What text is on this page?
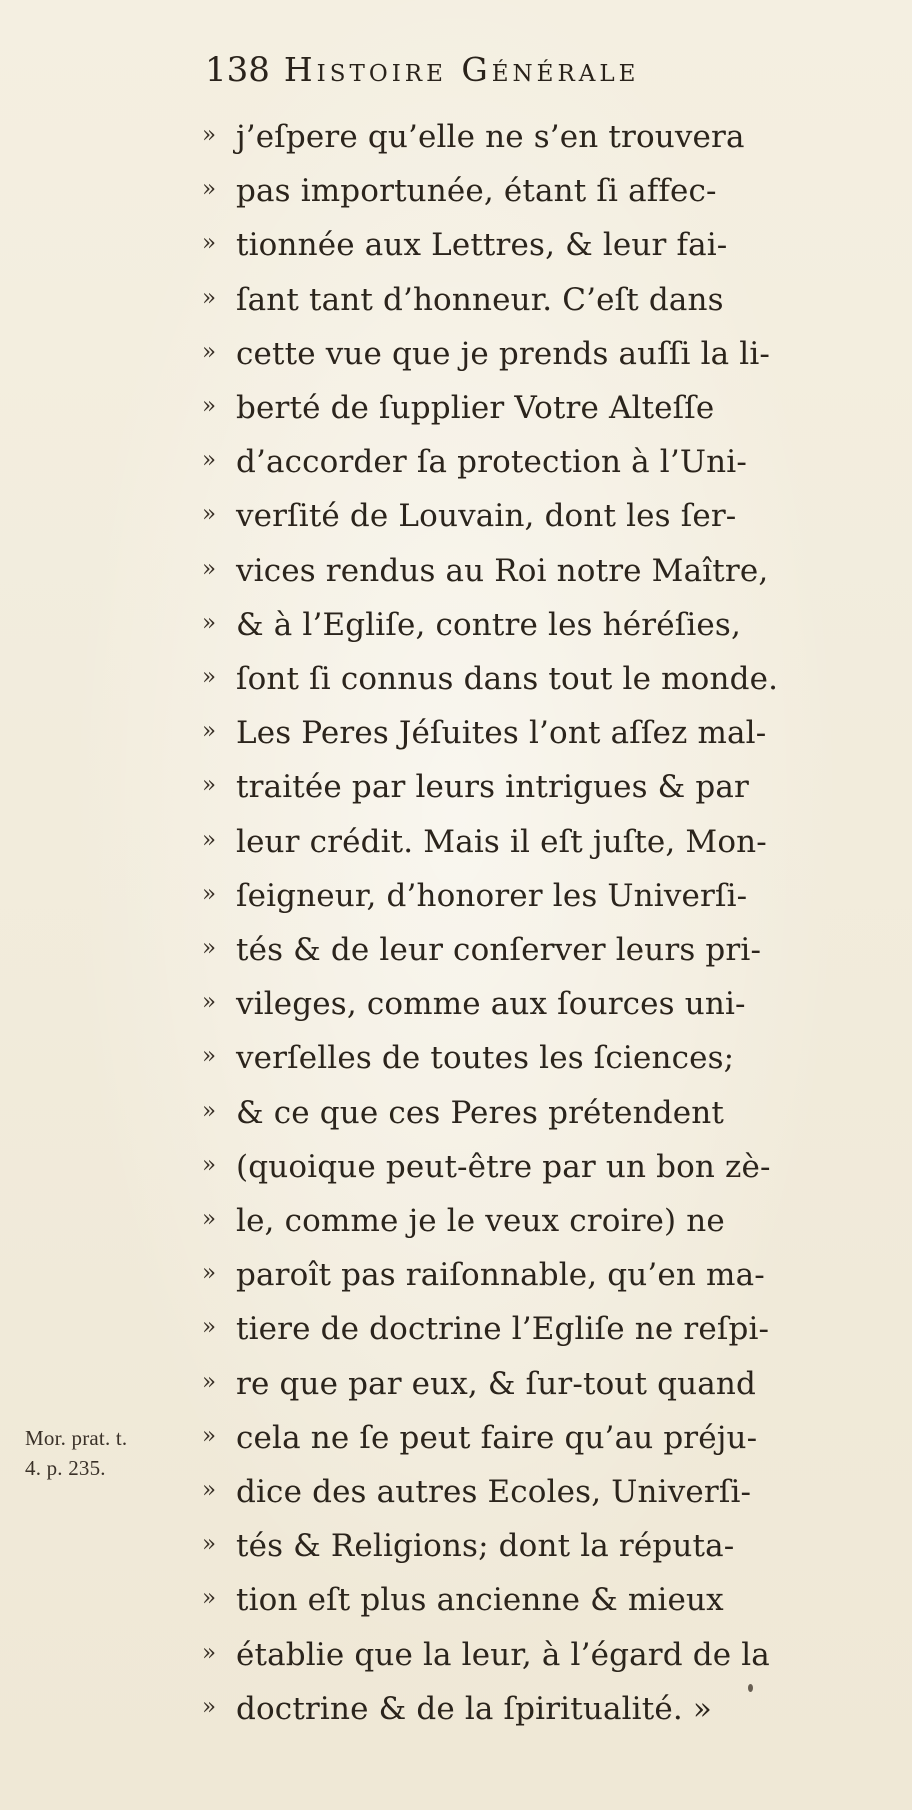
138 Histoire Générale
» j’eſpere qu’elle ne s’en trouvera
» pas importunée, étant ſi affec-
» tionnée aux Lettres, & leur fai-
» ſant tant d’honneur. C’eſt dans
» cette vue que je prends auſſi la li-
» berté de ſupplier Votre Alteſſe
» d’accorder ſa protection à l’Uni-
» verſité de Louvain, dont les ſer-
» vices rendus au Roi notre Maître,
» & à l’Egliſe, contre les héréſies,
» ſont ſi connus dans tout le monde.
» Les Peres Jéſuites l’ont aſſez mal-
» traitée par leurs intrigues & par
» leur crédit. Mais il eſt juſte, Mon-
» ſeigneur, d’honorer les Univerſi-
» tés & de leur conſerver leurs pri-
» vileges, comme aux ſources uni-
» verſelles de toutes les ſciences;
» & ce que ces Peres prétendent
» (quoique peut-être par un bon zè-
» le, comme je le veux croire) ne
» paroît pas raiſonnable, qu’en ma-
» tiere de doctrine l’Egliſe ne reſpi-
» re que par eux, & ſur-tout quand
» cela ne ſe peut faire qu’au préju-
» dice des autres Ecoles, Univerſi-
» tés & Religions; dont la réputa-
» tion eſt plus ancienne & mieux
» établie que la leur, à l’égard de la
» doctrine & de la ſpiritualité. »
Mor. prat. t.
4. p. 235.
